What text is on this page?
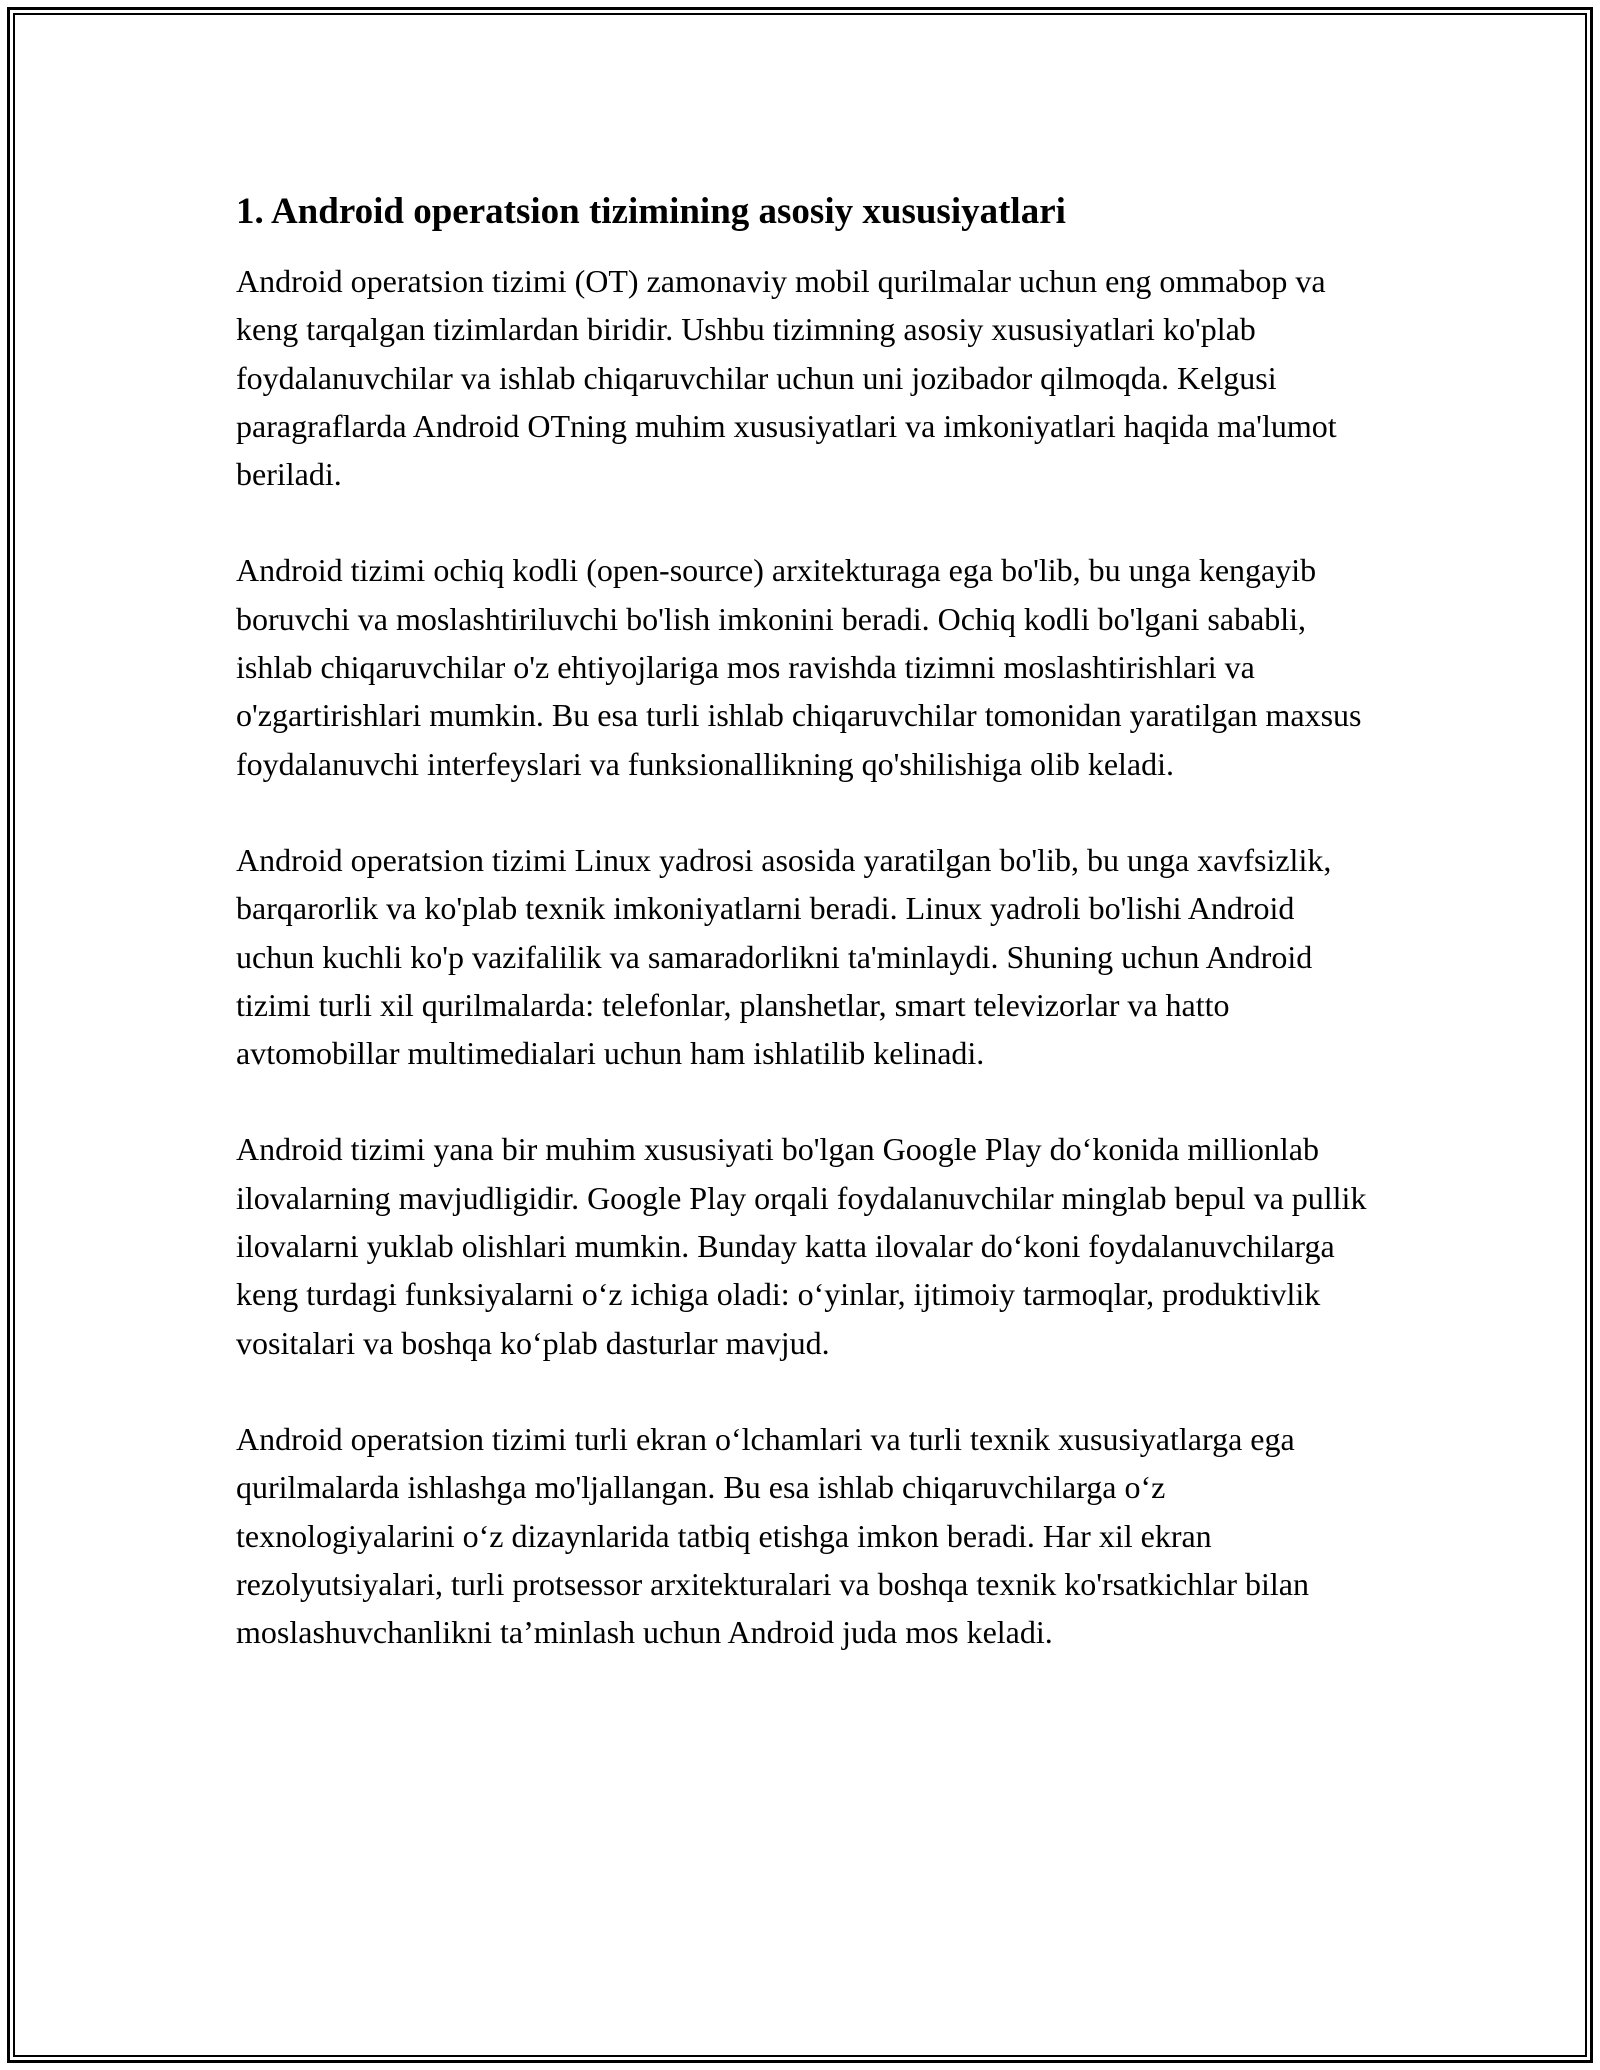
1. Android operatsion tizimining asosiy xususiyatlari

Android operatsion tizimi (OT) zamonaviy mobil qurilmalar uchun eng ommabop va keng tarqalgan tizimlardan biridir. Ushbu tizimning asosiy xususiyatlari ko'plab foydalanuvchilar va ishlab chiqaruvchilar uchun uni jozibador qilmoqda. Kelgusi paragraflarda Android OTning muhim xususiyatlari va imkoniyatlari haqida ma'lumot beriladi.

Android tizimi ochiq kodli (open-source) arxitekturaga ega bo'lib, bu unga kengayib boruvchi va moslashtiriluvchi bo'lish imkonini beradi. Ochiq kodli bo'lgani sababli, ishlab chiqaruvchilar o'z ehtiyojlariga mos ravishda tizimni moslashtirishlari va o'zgartirishlari mumkin. Bu esa turli ishlab chiqaruvchilar tomonidan yaratilgan maxsus foydalanuvchi interfeyslari va funksionallikning qo'shilishiga olib keladi.

Android operatsion tizimi Linux yadrosi asosida yaratilgan bo'lib, bu unga xavfsizlik, barqarorlik va ko'plab texnik imkoniyatlarni beradi. Linux yadroli bo'lishi Android uchun kuchli ko'p vazifalilik va samaradorlikni ta'minlaydi. Shuning uchun Android tizimi turli xil qurilmalarda: telefonlar, planshetlar, smart televizorlar va hatto avtomobillar multimedialari uchun ham ishlatilib kelinadi.

Android tizimi yana bir muhim xususiyati bo'lgan Google Play do‘konida millionlab ilovalarning mavjudligidir. Google Play orqali foydalanuvchilar minglab bepul va pullik ilovalarni yuklab olishlari mumkin. Bunday katta ilovalar do‘koni foydalanuvchilarga keng turdagi funksiyalarni o‘z ichiga oladi: o‘yinlar, ijtimoiy tarmoqlar, produktivlik vositalari va boshqa ko‘plab dasturlar mavjud.

Android operatsion tizimi turli ekran o‘lchamlari va turli texnik xususiyatlarga ega qurilmalarda ishlashga mo'ljallangan. Bu esa ishlab chiqaruvchilarga o‘z texnologiyalarini o‘z dizaynlarida tatbiq etishga imkon beradi. Har xil ekran rezolyutsiyalari, turli protsessor arxitekturalari va boshqa texnik ko'rsatkichlar bilan moslashuvchanlikni ta’minlash uchun Android juda mos keladi.
